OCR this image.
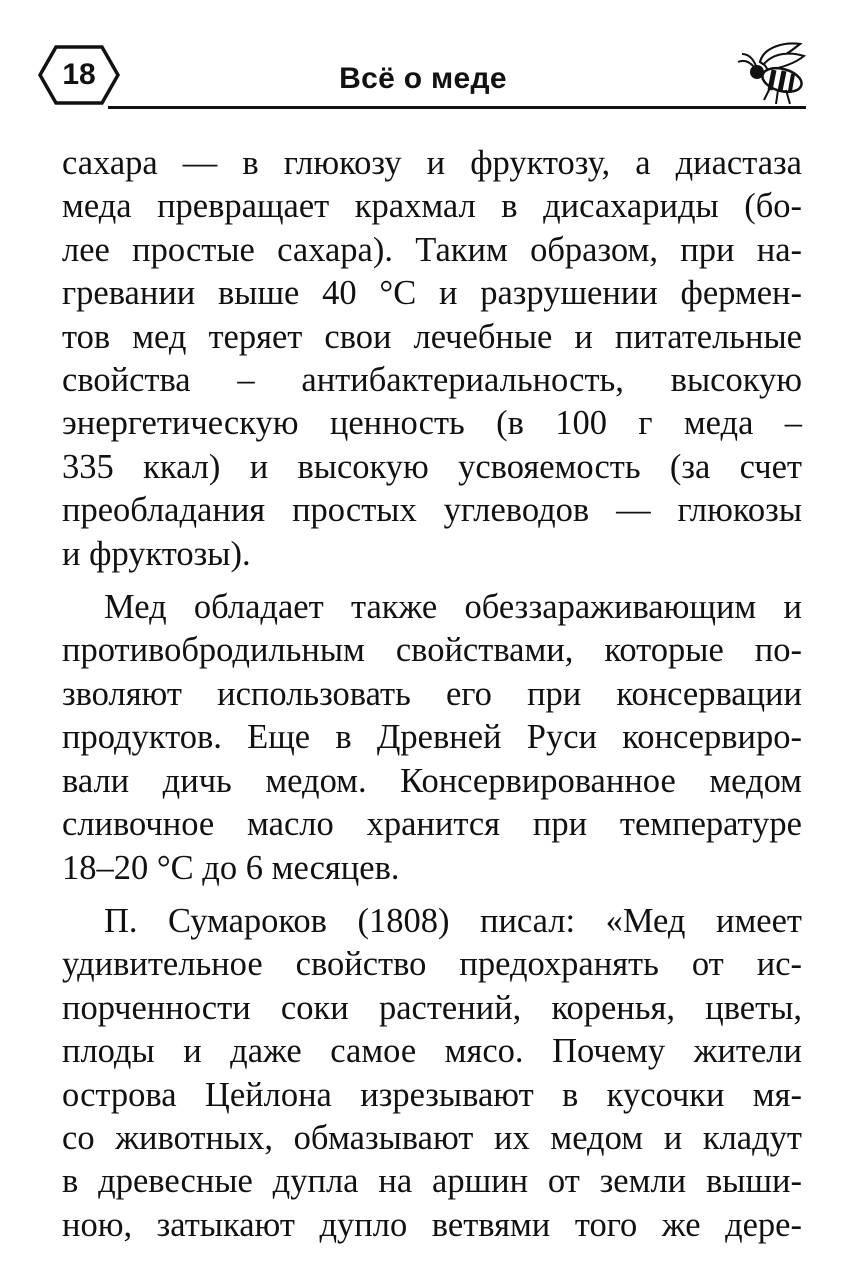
18	Всё о меде

сахара — в глюкозу и фруктозу, а диастаза
меда превращает крахмал в дисахариды (бо-
лее простые сахара). Таким образом, при на-
гревании выше 40 °С и разрушении фермен-
тов мед теряет свои лечебные и питательные
свойства – антибактериальность, высокую
энергетическую ценность (в 100 г меда –
335 ккал) и высокую усвояемость (за счет
преобладания простых углеводов — глюкозы
и фруктозы).

Мед обладает также обеззараживающим и
противобродильным свойствами, которые по-
зволяют использовать его при консервации
продуктов. Еще в Древней Руси консервиро-
вали дичь медом. Консервированное медом
сливочное масло хранится при температуре
18–20 °С до 6 месяцев.

П. Сумароков (1808) писал: «Мед имеет
удивительное свойство предохранять от ис-
порченности соки растений, коренья, цветы,
плоды и даже самое мясо. Почему жители
острова Цейлона изрезывают в кусочки мя-
со животных, обмазывают их медом и кладут
в древесные дупла на аршин от земли выши-
ною, затыкают дупло ветвями того же дере-
